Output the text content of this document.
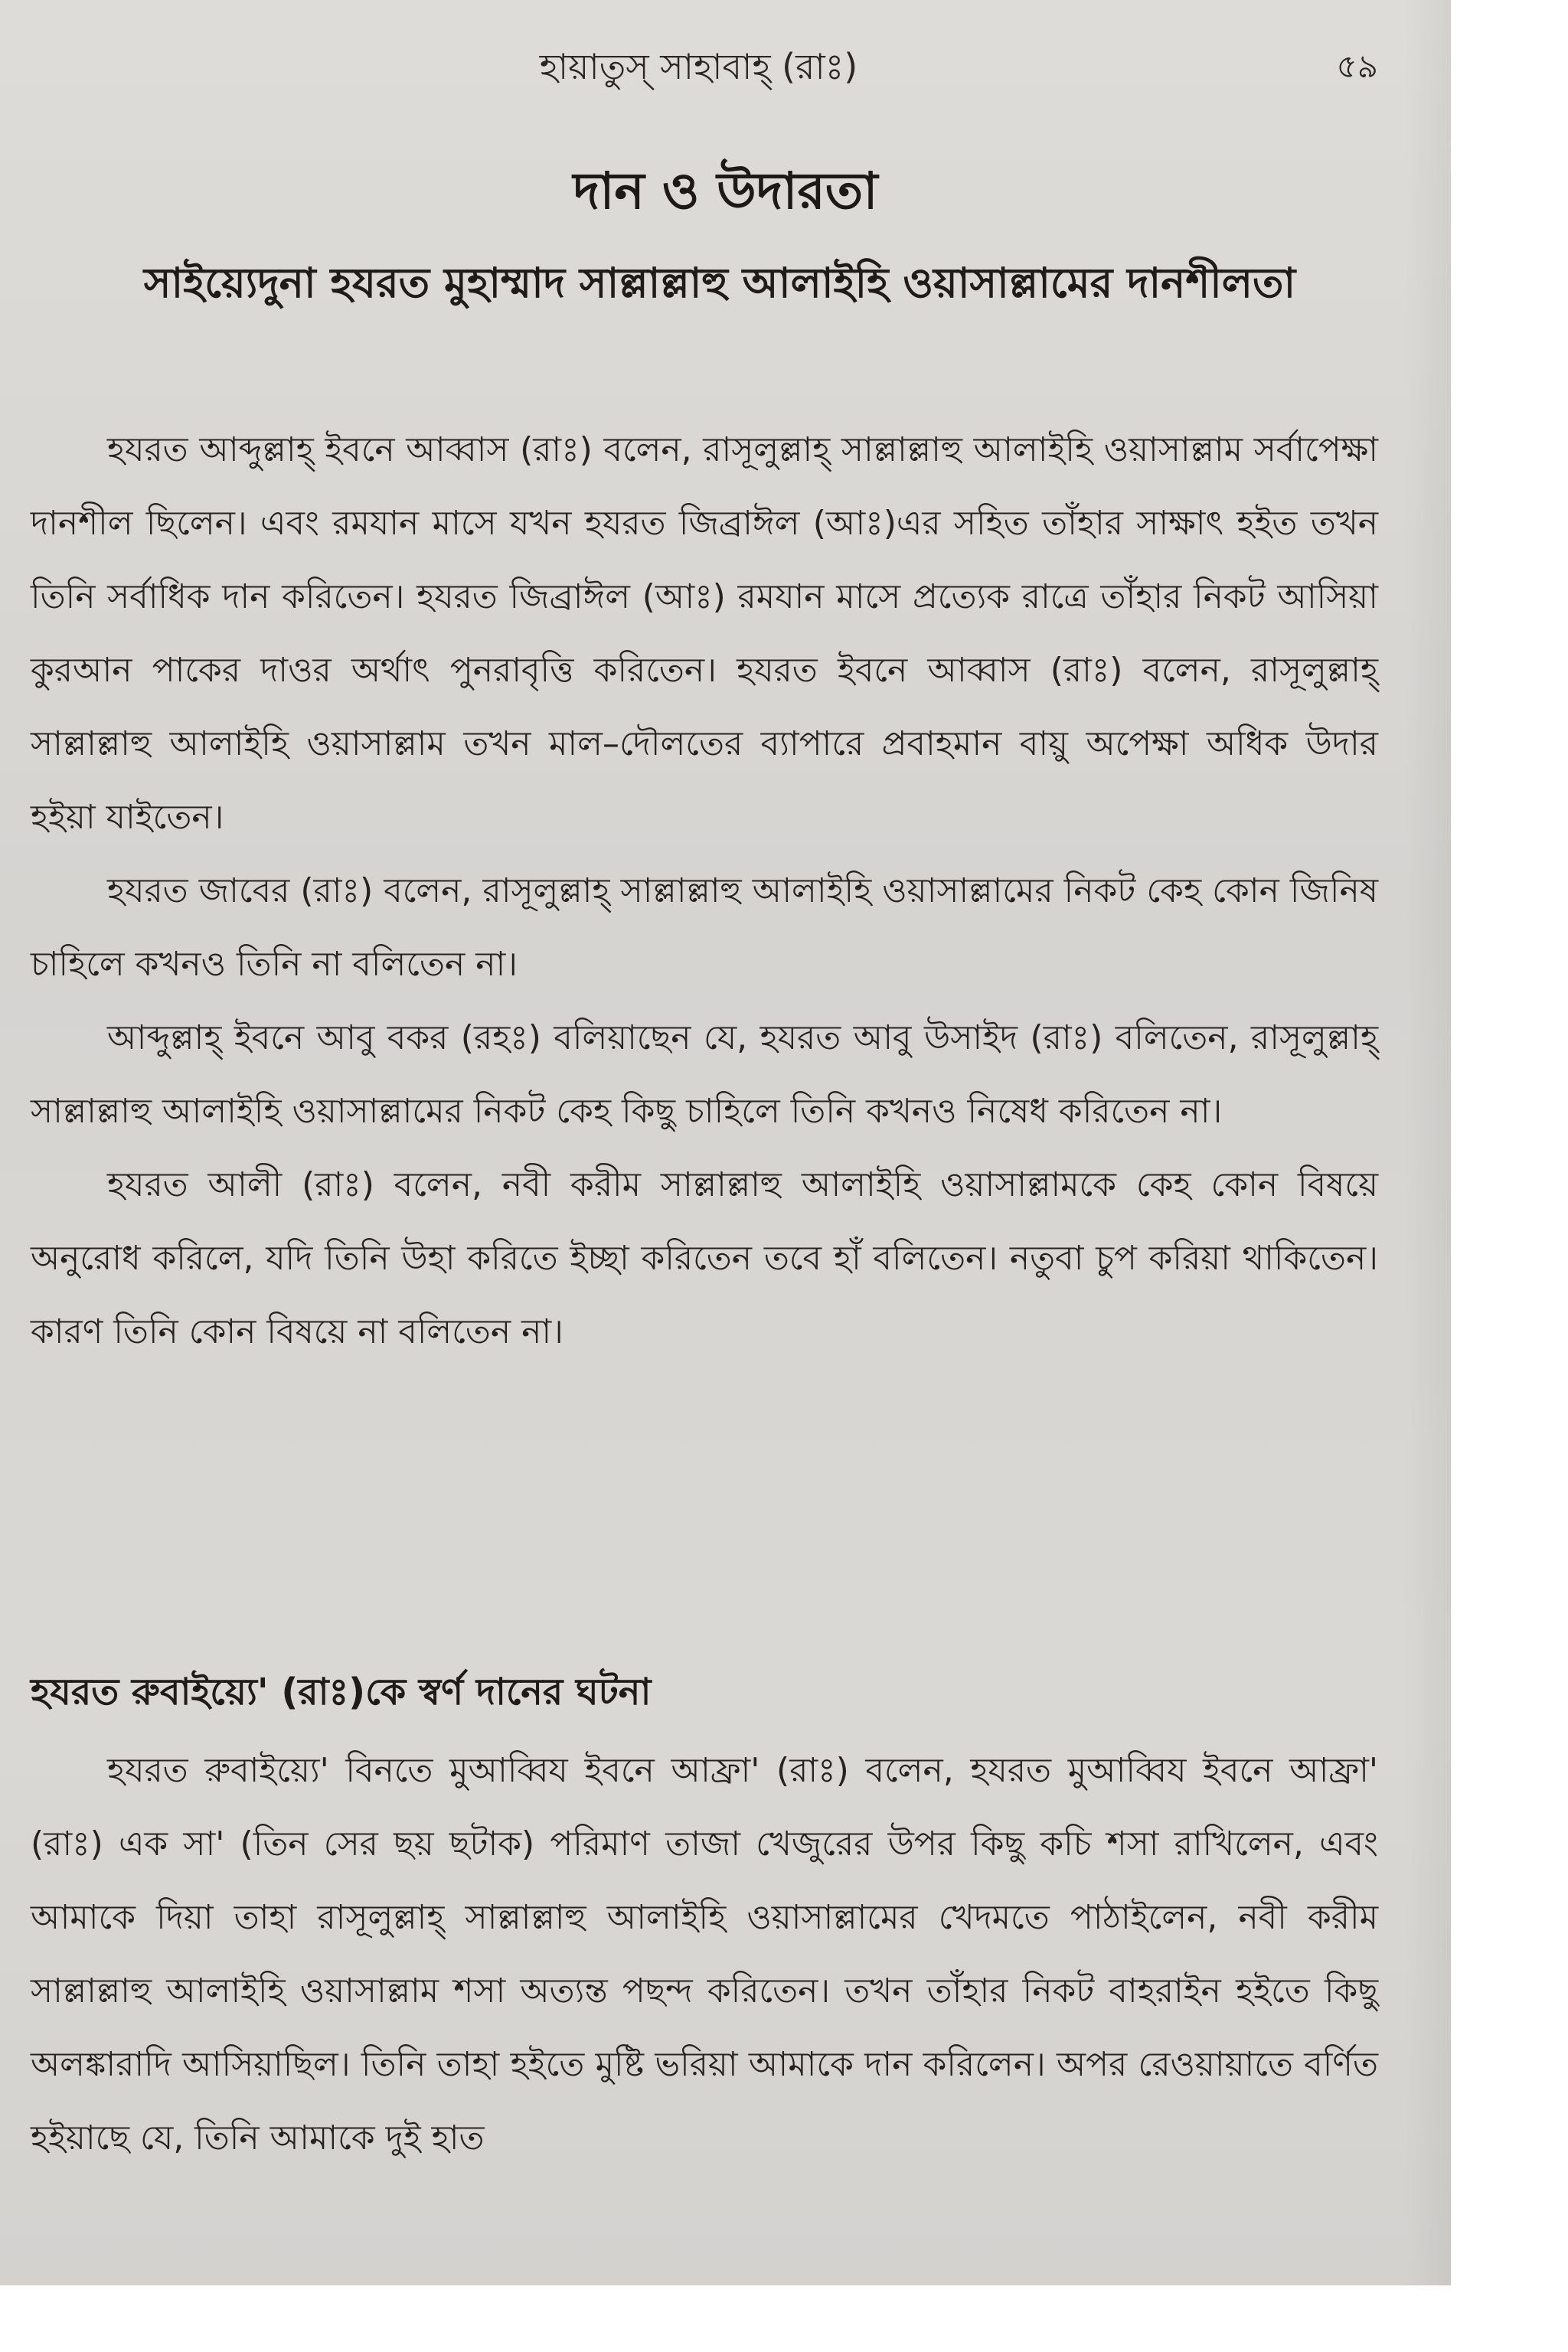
হায়াতুস্ সাহাবাহ্ (রাঃ)	৫৯
দান ও উদারতা
সাইয়্যেদুনা হযরত মুহাম্মাদ সাল্লাল্লাহু আলাইহি ওয়াসাল্লামের দানশীলতা

হযরত আব্দুল্লাহ্ ইবনে আব্বাস (রাঃ) বলেন, রাসূলুল্লাহ্ সাল্লাল্লাহু আলাইহি ওয়াসাল্লাম সর্বাপেক্ষা দানশীল ছিলেন। এবং রমযান মাসে যখন হযরত জিব্রাঈল (আঃ)এর সহিত তাঁহার সাক্ষাৎ হইত তখন তিনি সর্বাধিক দান করিতেন। হযরত জিব্রাঈল (আঃ) রমযান মাসে প্রত্যেক রাত্রে তাঁহার নিকট আসিয়া কুরআন পাকের দাওর অর্থাৎ পুনরাবৃত্তি করিতেন। হযরত ইবনে আব্বাস (রাঃ) বলেন, রাসূলুল্লাহ্ সাল্লাল্লাহু আলাইহি ওয়াসাল্লাম তখন মাল–দৌলতের ব্যাপারে প্রবাহমান বায়ু অপেক্ষা অধিক উদার হইয়া যাইতেন।

হযরত জাবের (রাঃ) বলেন, রাসূলুল্লাহ্ সাল্লাল্লাহু আলাইহি ওয়াসাল্লামের নিকট কেহ কোন জিনিষ চাহিলে কখনও তিনি না বলিতেন না।

আব্দুল্লাহ্ ইবনে আবু বকর (রহঃ) বলিয়াছেন যে, হযরত আবু উসাইদ (রাঃ) বলিতেন, রাসূলুল্লাহ্ সাল্লাল্লাহু আলাইহি ওয়াসাল্লামের নিকট কেহ কিছু চাহিলে তিনি কখনও নিষেধ করিতেন না।

হযরত আলী (রাঃ) বলেন, নবী করীম সাল্লাল্লাহু আলাইহি ওয়াসাল্লামকে কেহ কোন বিষয়ে অনুরোধ করিলে, যদি তিনি উহা করিতে ইচ্ছা করিতেন তবে হাঁ বলিতেন। নতুবা চুপ করিয়া থাকিতেন। কারণ তিনি কোন বিষয়ে না বলিতেন না।

হযরত রুবাইয়্যে' (রাঃ)কে স্বর্ণ দানের ঘটনা

হযরত রুবাইয়্যে' বিনতে মুআব্বিয ইবনে আফ্রা' (রাঃ) বলেন, হযরত মুআব্বিয ইবনে আফ্রা' (রাঃ) এক সা' (তিন সের ছয় ছটাক) পরিমাণ তাজা খেজুরের উপর কিছু কচি শসা রাখিলেন, এবং আমাকে দিয়া তাহা রাসূলুল্লাহ্ সাল্লাল্লাহু আলাইহি ওয়াসাল্লামের খেদমতে পাঠাইলেন, নবী করীম সাল্লাল্লাহু আলাইহি ওয়াসাল্লাম শসা অত্যন্ত পছন্দ করিতেন। তখন তাঁহার নিকট বাহরাইন হইতে কিছু অলঙ্কারাদি আসিয়াছিল। তিনি তাহা হইতে মুষ্টি ভরিয়া আমাকে দান করিলেন। অপর রেওয়ায়াতে বর্ণিত হইয়াছে যে, তিনি আমাকে দুই হাত
